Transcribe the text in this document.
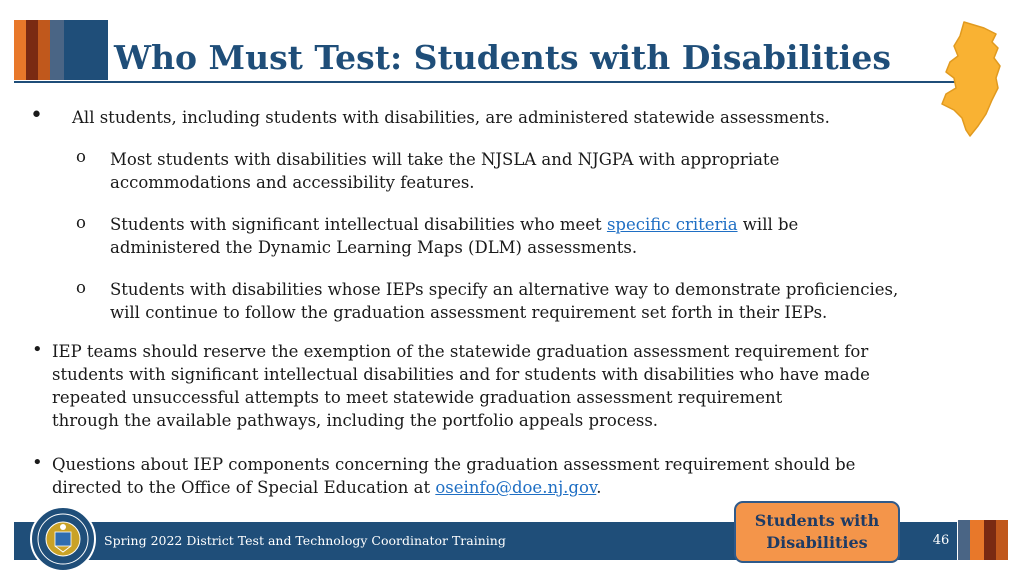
Who Must Test: Students with Disabilities
• All students, including students with disabilities, are administered statewide assessments.
o Most students with disabilities will take the NJSLA and NJGPA with appropriate
accommodations and accessibility features.
o Students with significant intellectual disabilities who meet specific criteria will be
administered the Dynamic Learning Maps (DLM) assessments.
o Students with disabilities whose IEPs specify an alternative way to demonstrate proficiencies,
will continue to follow the graduation assessment requirement set forth in their IEPs.
• IEP teams should reserve the exemption of the statewide graduation assessment requirement for
students with significant intellectual disabilities and for students with disabilities who have made
repeated unsuccessful attempts to meet statewide graduation assessment requirement
through the available pathways, including the portfolio appeals process.
• Questions about IEP components concerning the graduation assessment requirement should be
directed to the Office of Special Education at oseinfo@doe.nj.gov.
Spring 2022 District Test and Technology Coordinator Training	46
Students with
Disabilities
